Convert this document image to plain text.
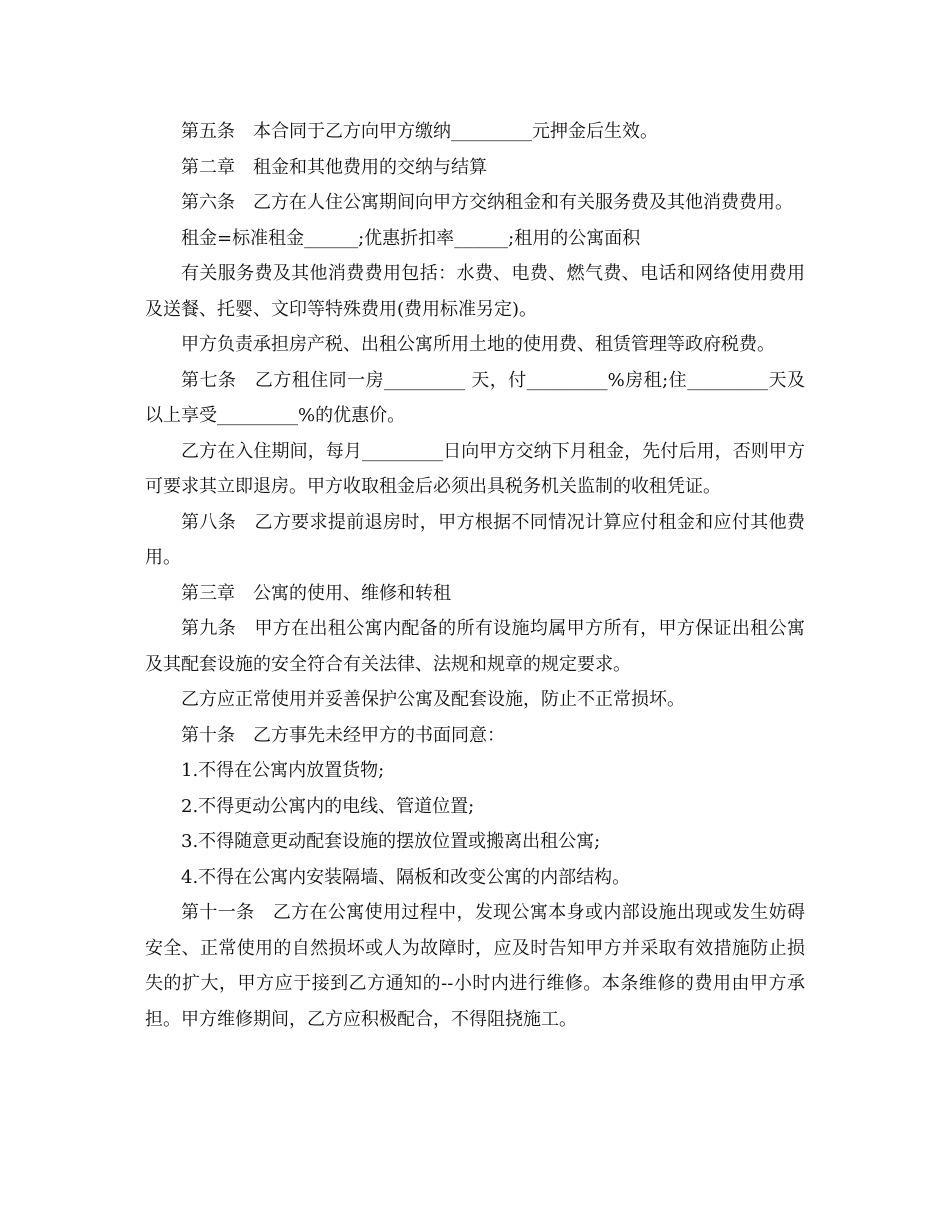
第五条　本合同于乙方向甲方缴纳_________元押金后生效。

第二章　租金和其他费用的交纳与结算

第六条　乙方在人住公寓期间向甲方交纳租金和有关服务费及其他消费费用。

租金=标准租金______;优惠折扣率______;租用的公寓面积

有关服务费及其他消费费用包括：水费、电费、燃气费、电话和网络使用费用及送餐、托婴、文印等特殊费用(费用标准另定)。

甲方负责承担房产税、出租公寓所用土地的使用费、租赁管理等政府税费。

第七条　乙方租住同一房_________ 天，付_________%房租;住_________天及以上享受_________%的优惠价。

乙方在入住期间，每月_________日向甲方交纳下月租金，先付后用，否则甲方可要求其立即退房。甲方收取租金后必须出具税务机关监制的收租凭证。

第八条　乙方要求提前退房时，甲方根据不同情况计算应付租金和应付其他费用。

第三章　公寓的使用、维修和转租

第九条　甲方在出租公寓内配备的所有设施均属甲方所有，甲方保证出租公寓及其配套设施的安全符合有关法律、法规和规章的规定要求。

乙方应正常使用并妥善保护公寓及配套设施，防止不正常损坏。

第十条　乙方事先未经甲方的书面同意：

1.不得在公寓内放置货物;

2.不得更动公寓内的电线、管道位置;

3.不得随意更动配套设施的摆放位置或搬离出租公寓;

4.不得在公寓内安装隔墙、隔板和改变公寓的内部结构。

第十一条　乙方在公寓使用过程中，发现公寓本身或内部设施出现或发生妨碍安全、正常使用的自然损坏或人为故障时，应及时告知甲方并采取有效措施防止损失的扩大，甲方应于接到乙方通知的--小时内进行维修。本条维修的费用由甲方承担。甲方维修期间，乙方应积极配合，不得阻挠施工。
